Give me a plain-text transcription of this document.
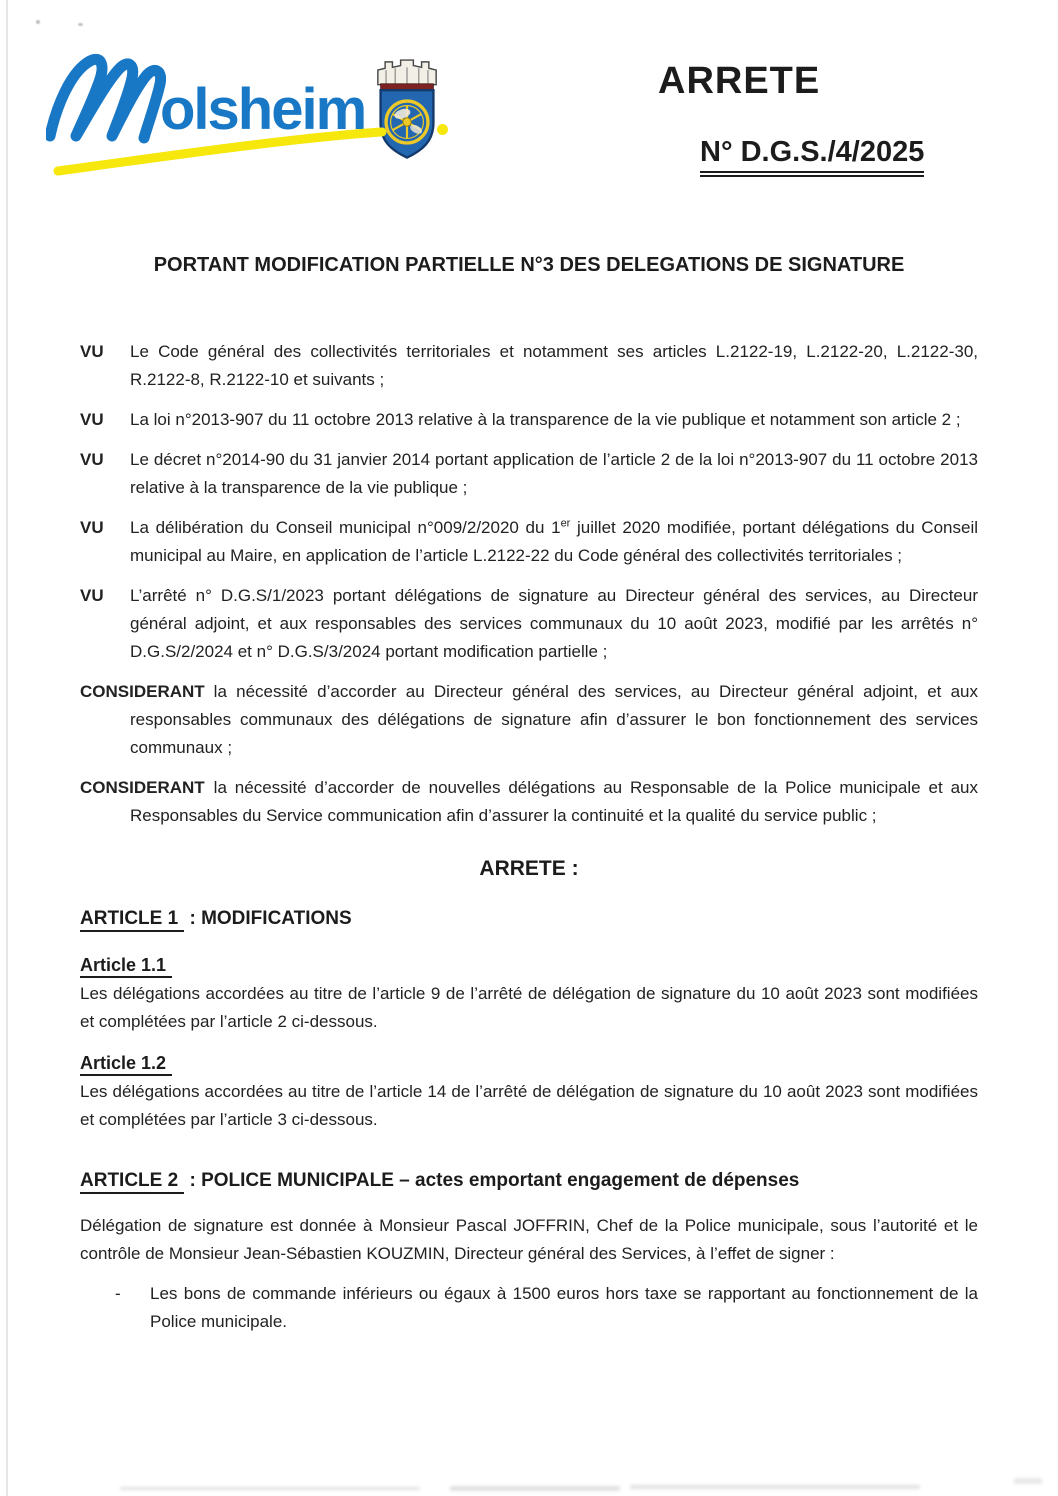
olsheim	ARRETE
N° D.G.S./4/2025

PORTANT MODIFICATION PARTIELLE N°3 DES DELEGATIONS DE SIGNATURE

VU Le Code général des collectivités territoriales et notamment ses articles L.2122-19, L.2122-20, L.2122-30, R.2122-8, R.2122-10 et suivants ;

VU La loi n°2013-907 du 11 octobre 2013 relative à la transparence de la vie publique et notamment son article 2 ;

VU Le décret n°2014-90 du 31 janvier 2014 portant application de l’article 2 de la loi n°2013-907 du 11 octobre 2013 relative à la transparence de la vie publique ;

VU La délibération du Conseil municipal n°009/2/2020 du 1er juillet 2020 modifiée, portant délégations du Conseil municipal au Maire, en application de l’article L.2122-22 du Code général des collectivités territoriales ;

VU L’arrêté n° D.G.S/1/2023 portant délégations de signature au Directeur général des services, au Directeur général adjoint, et aux responsables des services communaux du 10 août 2023, modifié par les arrêtés n° D.G.S/2/2024 et n° D.G.S/3/2024 portant modification partielle ;

CONSIDERANT la nécessité d’accorder au Directeur général des services, au Directeur général adjoint, et aux responsables communaux des délégations de signature afin d’assurer le bon fonctionnement des services communaux ;

CONSIDERANT la nécessité d’accorder de nouvelles délégations au Responsable de la Police municipale et aux Responsables du Service communication afin d’assurer la continuité et la qualité du service public ;

ARRETE :

ARTICLE 1 : MODIFICATIONS

Article 1.1

Les délégations accordées au titre de l’article 9 de l’arrêté de délégation de signature du 10 août 2023 sont modifiées et complétées par l’article 2 ci-dessous.

Article 1.2

Les délégations accordées au titre de l’article 14 de l’arrêté de délégation de signature du 10 août 2023 sont modifiées et complétées par l’article 3 ci-dessous.

ARTICLE 2 : POLICE MUNICIPALE – actes emportant engagement de dépenses

Délégation de signature est donnée à Monsieur Pascal JOFFRIN, Chef de la Police municipale, sous l’autorité et le contrôle de Monsieur Jean-Sébastien KOUZMIN, Directeur général des Services, à l’effet de signer :

- Les bons de commande inférieurs ou égaux à 1500 euros hors taxe se rapportant au fonctionnement de la Police municipale.
